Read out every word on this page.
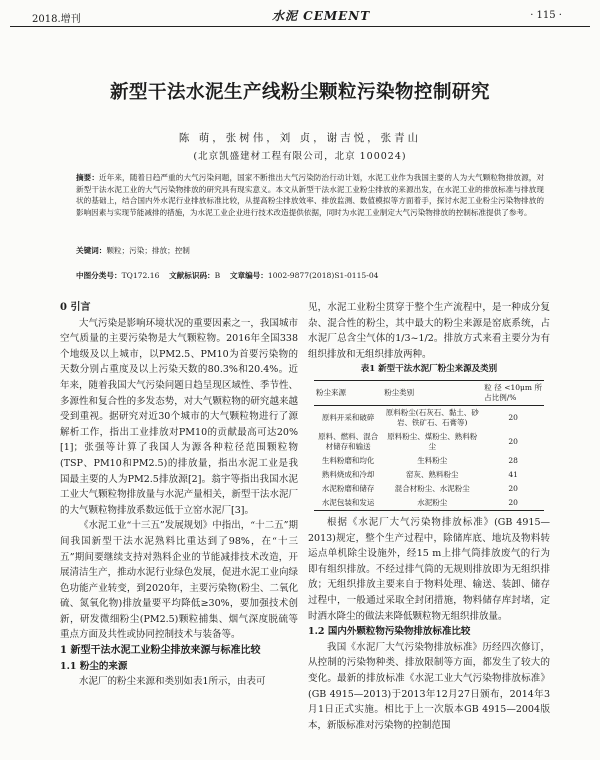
2018.增刊	水泥 CEMENT	· 115 ·
新型干法水泥生产线粉尘颗粒污染物控制研究
陈 萌，张树伟，刘 贞，谢吉悦，张青山
(北京凯盛建材工程有限公司，北京 100024)
摘要：近年来，随着日趋严重的大气污染问题，国家不断推出大气污染防治行动计划，水泥工业作为我国主要的人为大气颗粒物排放源，对新型干法水泥工业的大气污染物排放的研究具有现实意义。本文从新型干法水泥工业粉尘排放的来源出发，在水泥工业的排放标准与排放现状的基础上，结合国内外水泥行业排放标准比较，从提高粉尘排放效率、排放监测、数值模拟等方面着手，探讨水泥工业粉尘污染物排放的影响因素与实现节能减排的措施，为水泥工业企业进行技术改造提供依据，同时为水泥工业制定大气污染物排放的控制标准提供了参考。
关键词：颗粒；污染；排放；控制
中图分类号：TQ172.16 文献标识码：B 文章编号：1002-9877(2018)S1-0115-04
0 引言

大气污染是影响环境状况的重要因素之一，我国城市空气质量的主要污染物是大气颗粒物。2016年全国338个地级及以上城市，以PM2.5、PM10为首要污染物的天数分别占重度及以上污染天数的80.3%和20.4%。近年来，随着我国大气污染问题日趋呈现区域性、季节性、多源性和复合性的多发态势，对大气颗粒物的研究越来越受到重视。据研究对近30个城市的大气颗粒物进行了源解析工作，指出工业排放对PM10的贡献最高可达20%[1]；张强等计算了我国人为源各种粒径范围颗粒物(TSP、PM10和PM2.5)的排放量，指出水泥工业是我国最主要的人为PM2.5排放源[2]。翁宇等指出我国水泥工业大气颗粒物排放量与水泥产量相关，新型干法水泥厂的大气颗粒物排放系数远低于立窑水泥厂[3]。

《水泥工业“十三五”发展规划》中指出，“十二五”期间我国新型干法水泥熟料比重达到了98%，在“十三五”期间要继续支持对熟料企业的节能减排技术改造，开展清洁生产，推动水泥行业绿色发展，促进水泥工业向绿色功能产业转变，到2020年，主要污染物(粉尘、二氧化硫、氮氧化物)排放量要平均降低≥30%，要加强技术创新，研发微细粉尘(PM2.5)颗粒捕集、烟气深度脱硫等重点方面及共性或协同控制技术与装备等。

1 新型干法水泥工业粉尘排放来源与标准比较
1.1 粉尘的来源

水泥厂的粉尘来源和类别如表1所示，由表可

见，水泥工业粉尘贯穿于整个生产流程中，是一种成分复杂、混合性的粉尘，其中最大的粉尘来源是窑底系统，占水泥厂总含尘气体的1/3~1/2。排放方式来看主要分为有组织排放和无组织排放两种。

表1 新型干法水泥厂粉尘来源及类别
粉尘来源	粉尘类别	粒径<10μm所占比例/%
原料开采和破碎	原料粉尘(石灰石、黏土、砂岩、铁矿石、石膏等)	20
原料、燃料、混合材储存和输送	原料粉尘、煤粉尘、熟料粉尘	20
生料粉磨和均化	生料粉尘	28
熟料烧成和冷却	窑灰、熟料粉尘	41
水泥粉磨和储存	混合材粉尘、水泥粉尘	20
水泥包装和发运	水泥粉尘	20

根据《水泥厂大气污染物排放标准》(GB 4915—2013)规定，整个生产过程中，除储库底、地坑及物料转运点单机除尘设施外，经15 m上排气筒排放废气的行为即有组织排放。不经过排气筒的无规则排放即为无组织排放；无组织排放主要来自于物料处理、输送、装卸、储存过程中，一般通过采取全封闭措施，物料储存库封堵，定时洒水降尘的做法来降低颗粒物无组织排放量。

1.2 国内外颗粒物污染物排放标准比较

我国《水泥厂大气污染物排放标准》历经四次修订，从控制的污染物种类、排放限制等方面，都发生了较大的变化。最新的排放标准《水泥工业大气污染物排放标准》(GB 4915—2013)于2013年12月27日颁布，2014年3月1日正式实施。相比于上一次版本GB 4915—2004版本，新版标准对污染物的控制范围
